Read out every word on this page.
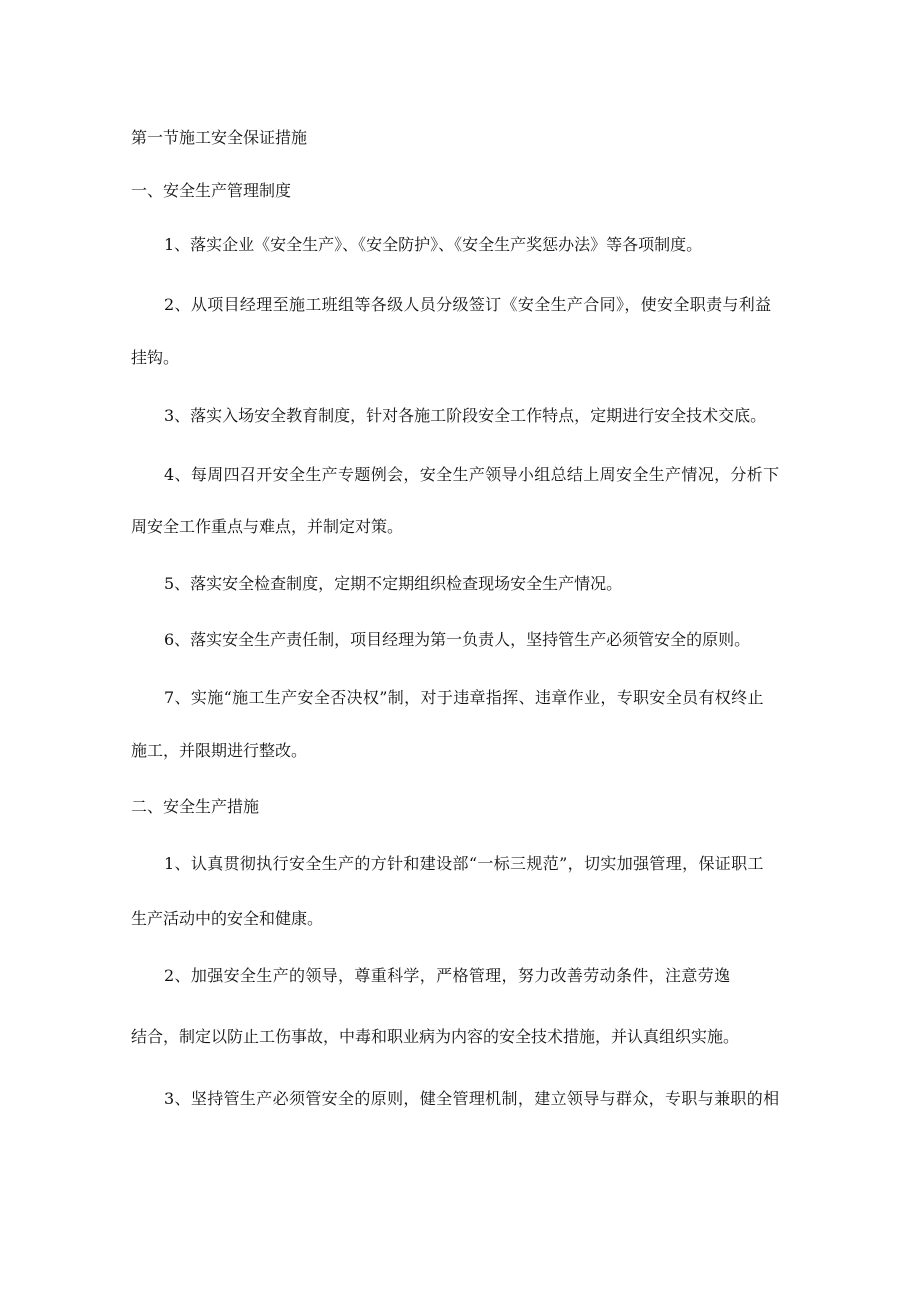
第一节施工安全保证措施

一、安全生产管理制度

1、落实企业《安全生产》、《安全防护》、《安全生产奖惩办法》等各项制度。

2、从项目经理至施工班组等各级人员分级签订《安全生产合同》，使安全职责与利益

挂钩。

3、落实入场安全教育制度，针对各施工阶段安全工作特点，定期进行安全技术交底。

4、每周四召开安全生产专题例会，安全生产领导小组总结上周安全生产情况，分析下

周安全工作重点与难点，并制定对策。

5、落实安全检查制度，定期不定期组织检查现场安全生产情况。

6、落实安全生产责任制，项目经理为第一负责人，坚持管生产必须管安全的原则。

7、实施“施工生产安全否决权”制，对于违章指挥、违章作业，专职安全员有权终止

施工，并限期进行整改。

二、安全生产措施

1、认真贯彻执行安全生产的方针和建设部“一标三规范”，切实加强管理，保证职工

生产活动中的安全和健康。

2、加强安全生产的领导，尊重科学，严格管理，努力改善劳动条件，注意劳逸

结合，制定以防止工伤事故，中毒和职业病为内容的安全技术措施，并认真组织实施。

3、坚持管生产必须管安全的原则，健全管理机制，建立领导与群众，专职与兼职的相
